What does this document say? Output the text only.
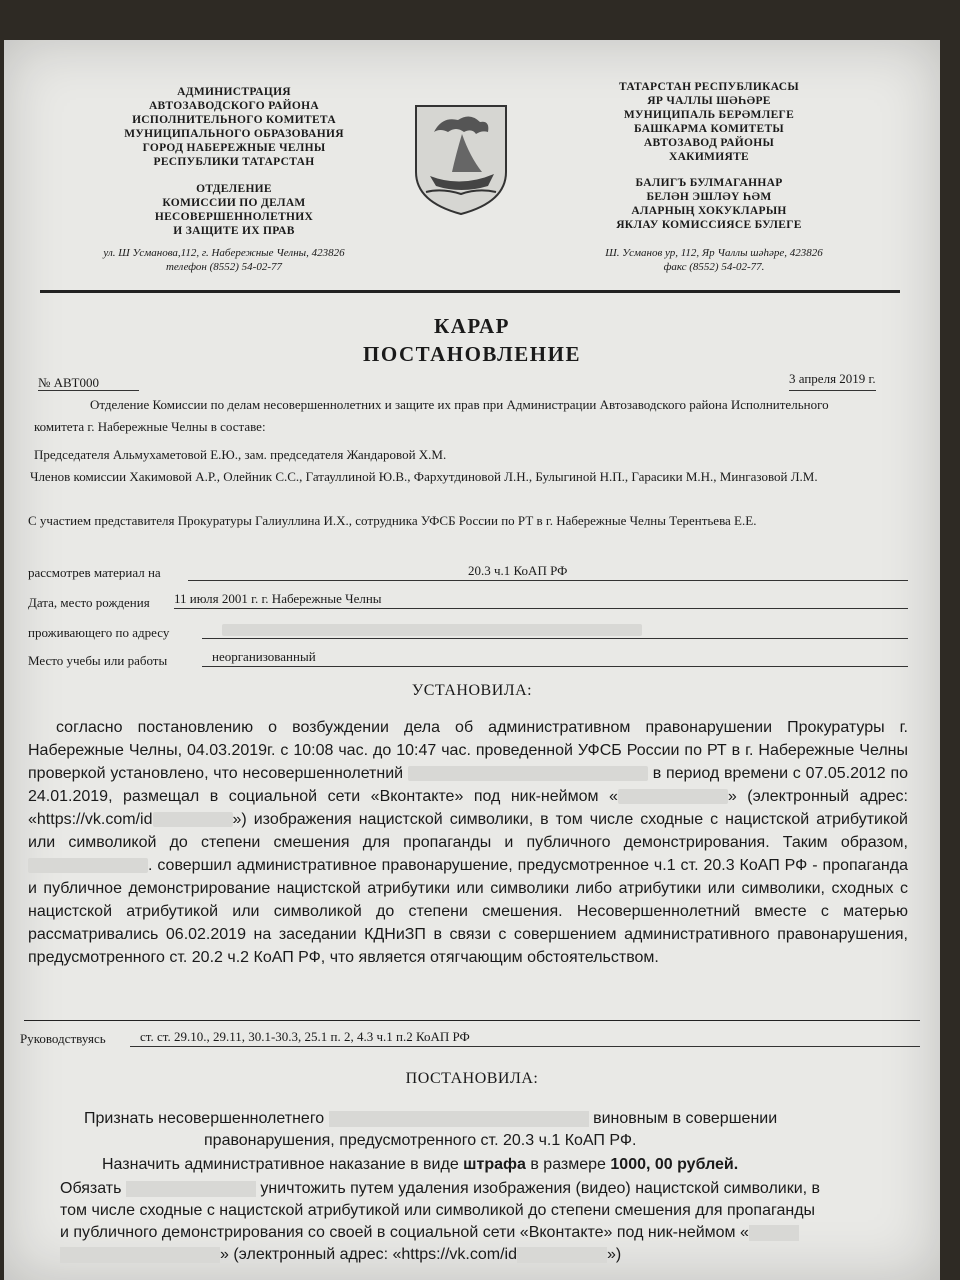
АДМИНИСТРАЦИЯ
АВТОЗАВОДСКОГО РАЙОНА
ИСПОЛНИТЕЛЬНОГО КОМИТЕТА
МУНИЦИПАЛЬНОГО ОБРАЗОВАНИЯ
ГОРОД НАБЕРЕЖНЫЕ ЧЕЛНЫ
РЕСПУБЛИКИ ТАТАРСТАН
ОТДЕЛЕНИЕ
КОМИССИИ ПО ДЕЛАМ
НЕСОВЕРШЕННОЛЕТНИХ
И ЗАЩИТЕ ИХ ПРАВ
ул. Ш Усманова,112, г. Набережные Челны, 423826
телефон (8552) 54-02-77
ТАТАРСТАН РЕСПУБЛИКАСЫ
ЯР ЧАЛЛЫ ШӘҺӘРЕ
МУНИЦИПАЛЬ БЕРӘМЛЕГЕ
БАШКАРМА КОМИТЕТЫ
АВТОЗАВОД РАЙОНЫ
ХАКИМИЯТЕ
БАЛИГЪ БУЛМАГАННАР
БЕЛӘН ЭШЛӘҮ ҺӘМ
АЛАРНЫҢ ХОКУКЛАРЫН
ЯКЛАУ КОМИССИЯСЕ БУЛЕГЕ
Ш. Усманов ур, 112, Яр Чаллы шәһәре, 423826
факс (8552) 54-02-77.
КАРАР
ПОСТАНОВЛЕНИЕ
№ АВТ000	3 апреля 2019 г.
Отделение Комиссии по делам несовершеннолетних и защите их прав при Администрации Автозаводского района Исполнительного комитета г. Набережные Челны в составе:
Председателя Альмухаметовой Е.Ю., зам. председателя Жандаровой Х.М.
Членов комиссии Хакимовой А.Р., Олейник С.С., Гатауллиной Ю.В., Фархутдиновой Л.Н., Булыгиной Н.П., Гарасики М.Н., Мингазовой Л.М.
С участием представителя Прокуратуры Галиуллина И.Х., сотрудника УФСБ России по РТ в г. Набережные Челны Терентьева Е.Е.
рассмотрев материал на	20.3 ч.1 КоАП РФ
Дата, место рождения 11 июля 2001 г. г. Набережные Челны
проживающего по адресу
Место учебы или работы	неорганизованный
УСТАНОВИЛА:
согласно постановлению о возбуждении дела об административном правонарушении Прокуратуры г. Набережные Челны, 04.03.2019г. с 10:08 час. до 10:47 час. проведенной УФСБ России по РТ в г. Набережные Челны проверкой установлено, что несовершеннолетний	в период времени с 07.05.2012 по 24.01.2019, размещал в социальной сети «Вконтакте» под ник-неймом «	» (электронный адрес: «https://vk.com/id	») изображения нацистской символики, в том числе сходные с нацистской атрибутикой или символикой до степени смешения для пропаганды и публичного демонстрирования. Таким образом, . совершил административное правонарушение, предусмотренное ч.1 ст. 20.3 КоАП РФ - пропаганда и публичное демонстрирование нацистской атрибутики или символики либо атрибутики или символики, сходных с нацистской атрибутикой или символикой до степени смешения. Несовершеннолетний вместе с матерью рассматривались 06.02.2019 на заседании КДНиЗП в связи с совершением административного правонарушения, предусмотренного ст. 20.2 ч.2 КоАП РФ, что является отягчающим обстоятельством.
Руководствуясь	ст. ст. 29.10., 29.11, 30.1-30.3, 25.1 п. 2, 4.3 ч.1 п.2 КоАП РФ
ПОСТАНОВИЛА:
Признать несовершеннолетнего	виновным в совершении
правонарушения, предусмотренного ст. 20.3 ч.1 КоАП РФ.
Назначить административное наказание в виде штрафа в размере 1000, 00 рублей.
Обязать	уничтожить путем удаления изображения (видео) нацистской символики, в
том числе сходные с нацистской атрибутикой или символикой до степени смешения для пропаганды
и публичного демонстрирования со своей в социальной сети «Вконтакте» под ник-неймом «
» (электронный адрес: «https://vk.com/id	»)
